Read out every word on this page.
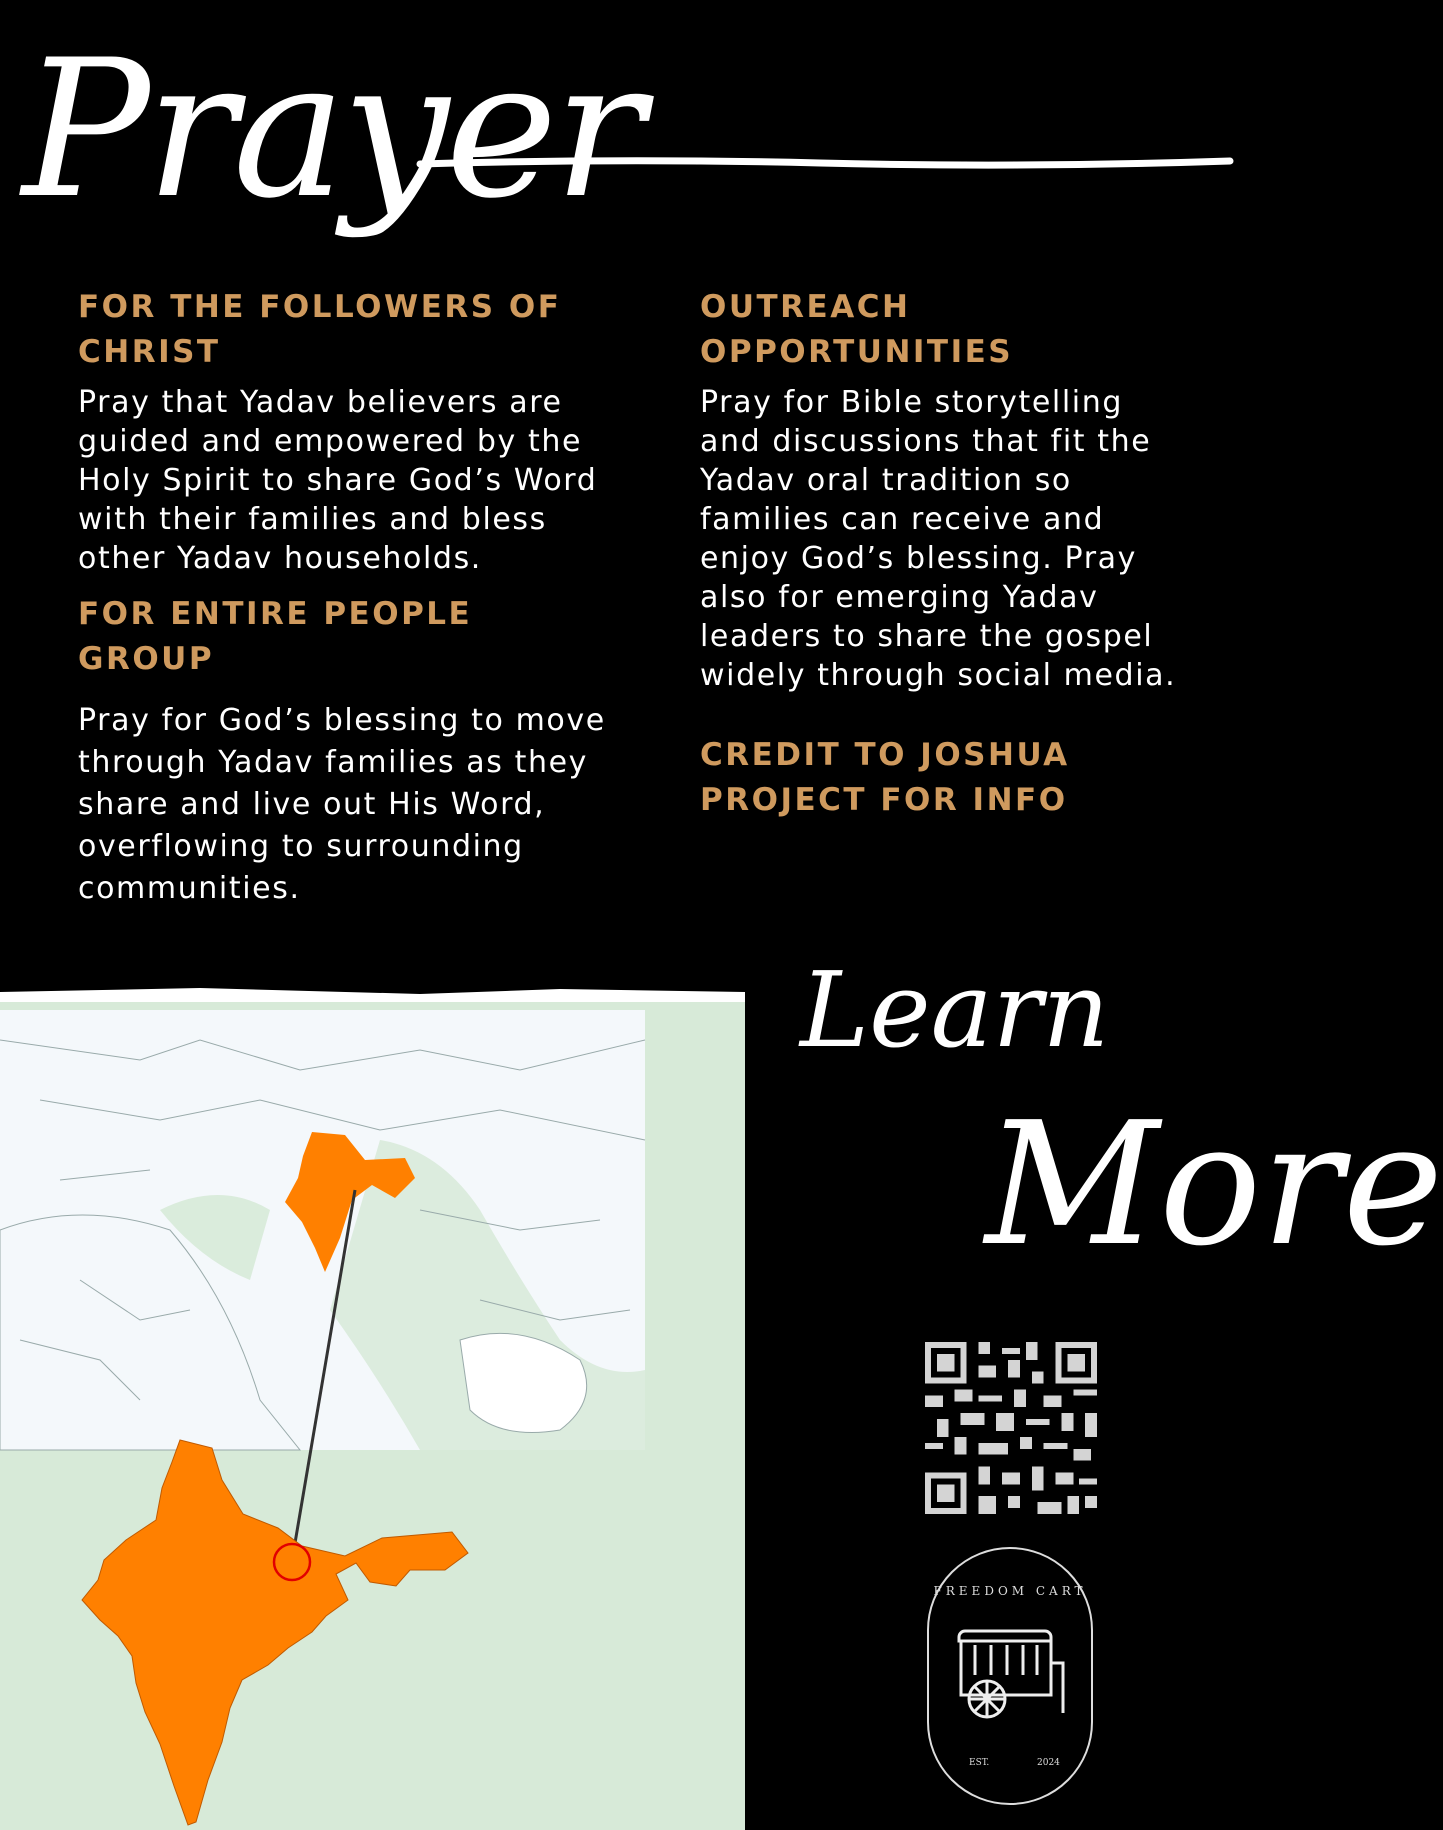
Prayer
FOR THE FOLLOWERS OF CHRIST

Pray that Yadav believers are guided and empowered by the Holy Spirit to share God’s Word with their families and bless other Yadav households.

FOR ENTIRE PEOPLE GROUP

Pray for God’s blessing to move through Yadav families as they share and live out His Word, overflowing to surrounding communities.

OUTREACH OPPORTUNITIES

Pray for Bible storytelling and discussions that fit the Yadav oral tradition so families can receive and enjoy God’s blessing. Pray also for emerging Yadav leaders to share the gospel widely through social media.

CREDIT TO JOSHUA PROJECT FOR INFO
Learn
More
FREEDOM CART
EST.	2024
